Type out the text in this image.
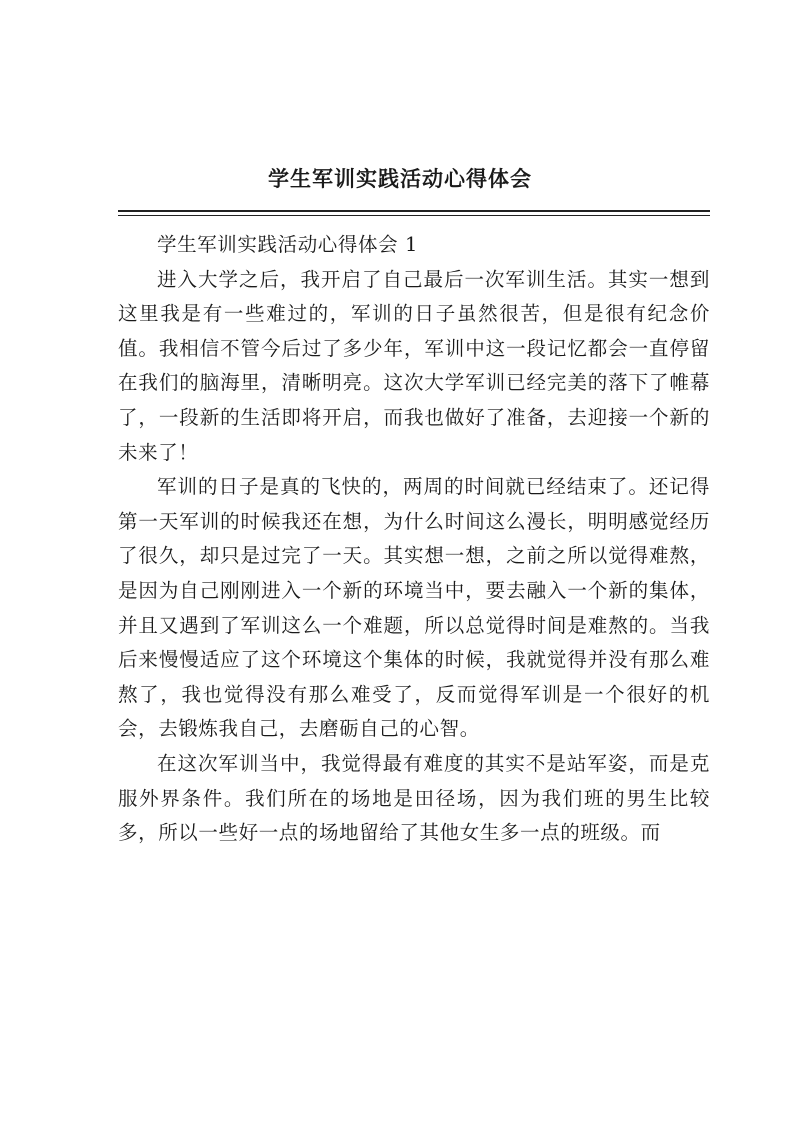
学生军训实践活动心得体会

学生军训实践活动心得体会 1

进入大学之后，我开启了自己最后一次军训生活。其实一想到这里我是有一些难过的，军训的日子虽然很苦，但是很有纪念价值。我相信不管今后过了多少年，军训中这一段记忆都会一直停留在我们的脑海里，清晰明亮。这次大学军训已经完美的落下了帷幕了，一段新的生活即将开启，而我也做好了准备，去迎接一个新的未来了！

军训的日子是真的飞快的，两周的时间就已经结束了。还记得第一天军训的时候我还在想，为什么时间这么漫长，明明感觉经历了很久，却只是过完了一天。其实想一想，之前之所以觉得难熬，是因为自己刚刚进入一个新的环境当中，要去融入一个新的集体，并且又遇到了军训这么一个难题，所以总觉得时间是难熬的。当我后来慢慢适应了这个环境这个集体的时候，我就觉得并没有那么难熬了，我也觉得没有那么难受了，反而觉得军训是一个很好的机会，去锻炼我自己，去磨砺自己的心智。

在这次军训当中，我觉得最有难度的其实不是站军姿，而是克服外界条件。我们所在的场地是田径场，因为我们班的男生比较多，所以一些好一点的场地留给了其他女生多一点的班级。而
